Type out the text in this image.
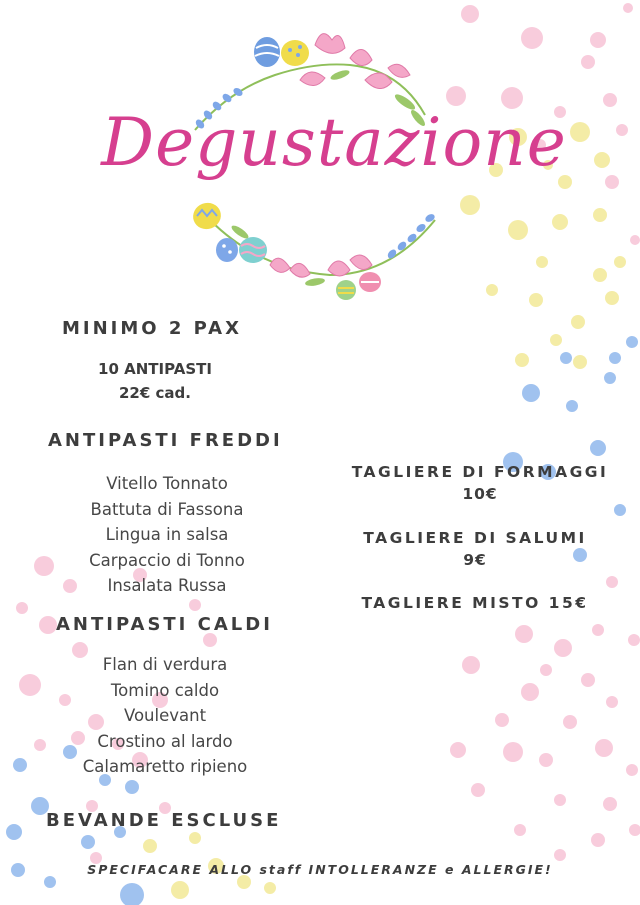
Degustazione
MINIMO 2 PAX
10 ANTIPASTI
22€ cad.
ANTIPASTI FREDDI
Vitello Tonnato
Battuta di Fassona
Lingua in salsa
Carpaccio di Tonno
Insalata Russa
ANTIPASTI CALDI
Flan di verdura
Tomino caldo
Voulevant
Crostino al lardo
Calamaretto ripieno
TAGLIERE DI FORMAGGI
10€
TAGLIERE DI SALUMI
9€
TAGLIERE MISTO 15€
BEVANDE ESCLUSE
SPECIFACARE ALLO staff INTOLLERANZE e ALLERGIE!
